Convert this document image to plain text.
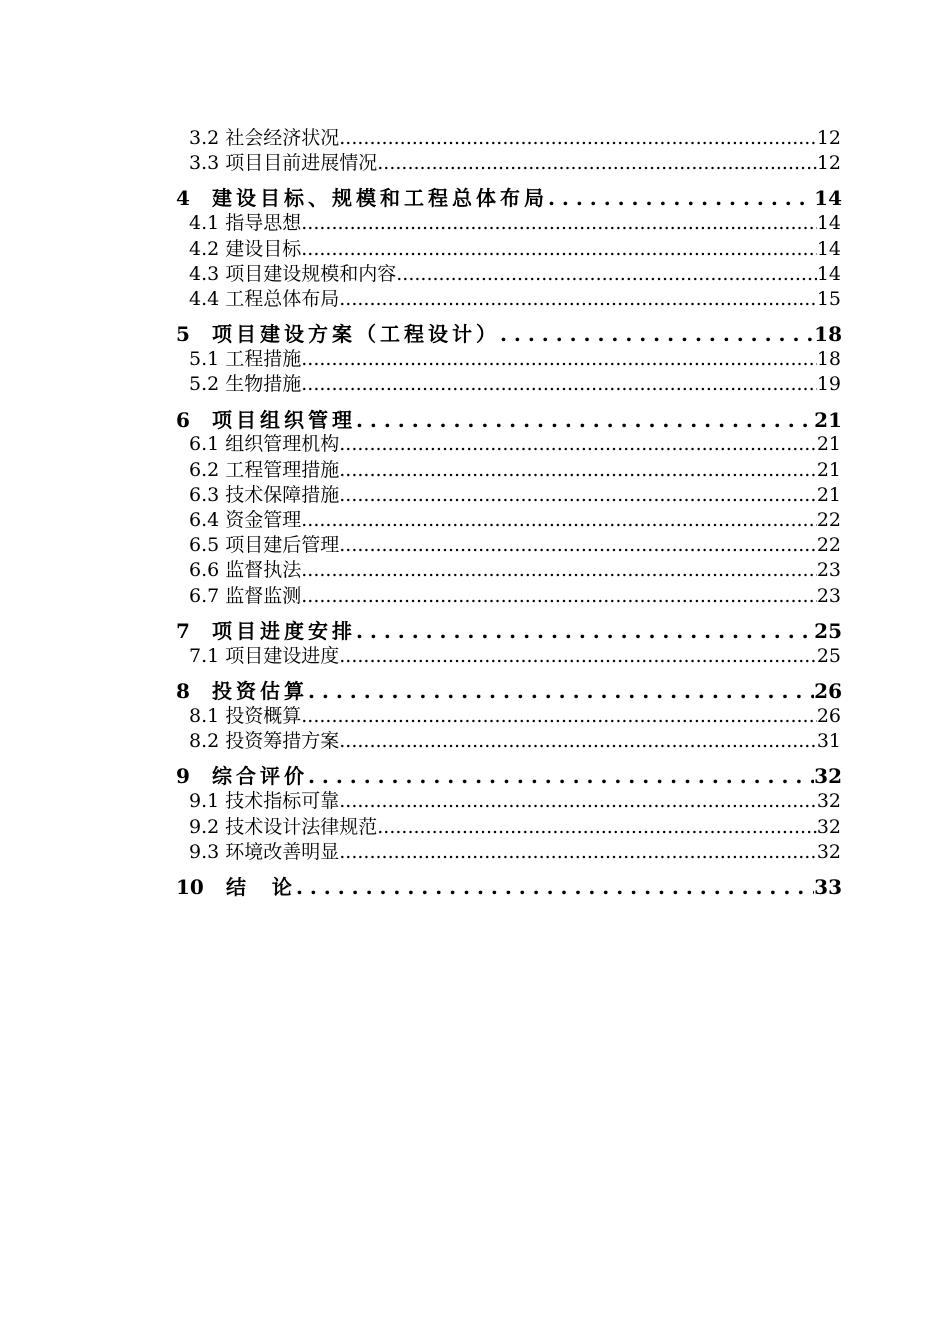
3.2 社会经济状况 .....	12
3.3 项目目前进展情况 .....	12
4 建设目标、规模和工程总体布局 . . .	14
4.1 指导思想 .....	14
4.2 建设目标 .....	14
4.3 项目建设规模和内容 .....	14
4.4 工程总体布局 .....	15
5 项目建设方案（工程设计） . . .	18
5.1 工程措施 .....	18
5.2 生物措施 .....	19
6 项目组织管理 . . .	21
6.1 组织管理机构 .....	21
6.2 工程管理措施 .....	21
6.3 技术保障措施 .....	21
6.4 资金管理 .....	22
6.5 项目建后管理 .....	22
6.6 监督执法 .....	23
6.7 监督监测 .....	23
7 项目进度安排 . . .	25
7.1 项目建设进度 .....	25
8 投资估算 . . .	26
8.1 投资概算 .....	26
8.2 投资筹措方案 .....	31
9 综合评价 . . .	32
9.1 技术指标可靠 .....	32
9.2 技术设计法律规范 .....	32
9.3 环境改善明显 .....	32
10 结  论 . . .	33
